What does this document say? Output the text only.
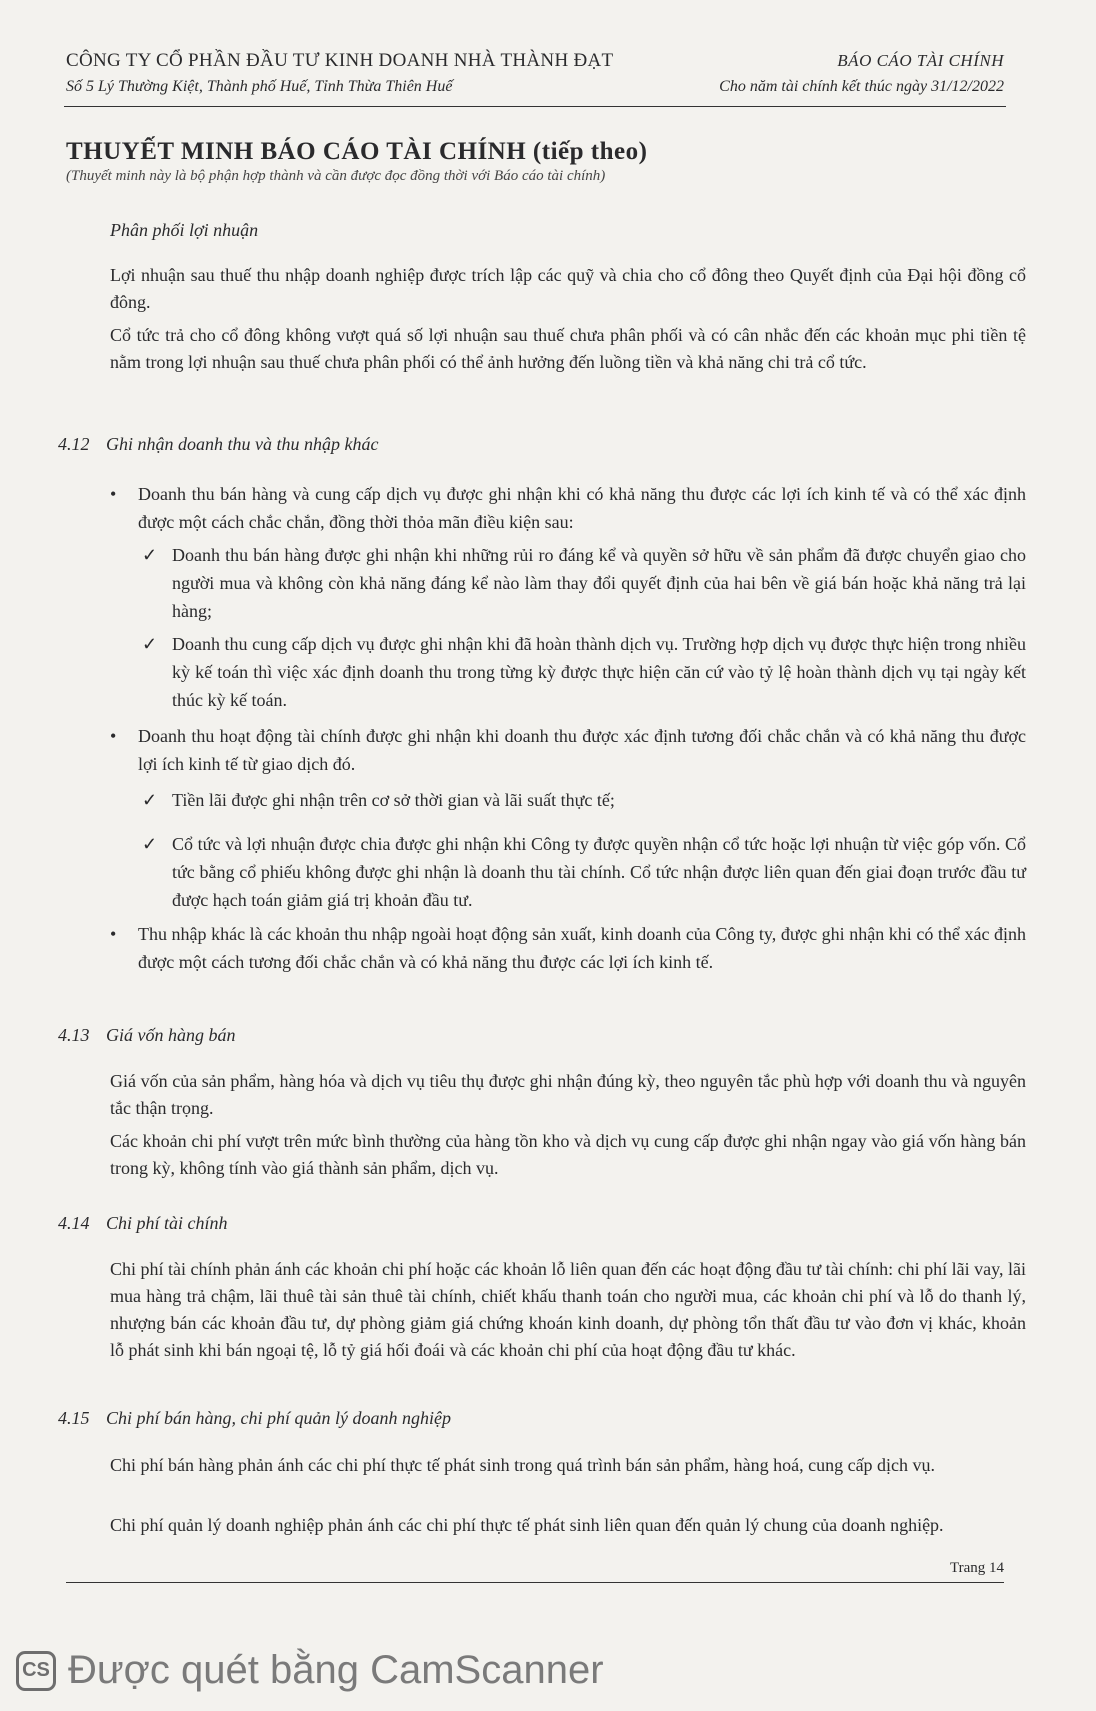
CÔNG TY CỔ PHẦN ĐẦU TƯ KINH DOANH NHÀ THÀNH ĐẠT	BÁO CÁO TÀI CHÍNH
Số 5 Lý Thường Kiệt, Thành phố Huế, Tỉnh Thừa Thiên Huế	Cho năm tài chính kết thúc ngày 31/12/2022
THUYẾT MINH BÁO CÁO TÀI CHÍNH (tiếp theo)
(Thuyết minh này là bộ phận hợp thành và cần được đọc đồng thời với Báo cáo tài chính)
Phân phối lợi nhuận
Lợi nhuận sau thuế thu nhập doanh nghiệp được trích lập các quỹ và chia cho cổ đông theo Quyết định của Đại hội đồng cổ đông.
Cổ tức trả cho cổ đông không vượt quá số lợi nhuận sau thuế chưa phân phối và có cân nhắc đến các khoản mục phi tiền tệ nằm trong lợi nhuận sau thuế chưa phân phối có thể ảnh hưởng đến luồng tiền và khả năng chi trả cổ tức.
4.12 Ghi nhận doanh thu và thu nhập khác
• Doanh thu bán hàng và cung cấp dịch vụ được ghi nhận khi có khả năng thu được các lợi ích kinh tế và có thể xác định được một cách chắc chắn, đồng thời thỏa mãn điều kiện sau:
✓ Doanh thu bán hàng được ghi nhận khi những rủi ro đáng kể và quyền sở hữu về sản phẩm đã được chuyển giao cho người mua và không còn khả năng đáng kể nào làm thay đổi quyết định của hai bên về giá bán hoặc khả năng trả lại hàng;
✓ Doanh thu cung cấp dịch vụ được ghi nhận khi đã hoàn thành dịch vụ. Trường hợp dịch vụ được thực hiện trong nhiều kỳ kế toán thì việc xác định doanh thu trong từng kỳ được thực hiện căn cứ vào tỷ lệ hoàn thành dịch vụ tại ngày kết thúc kỳ kế toán.
• Doanh thu hoạt động tài chính được ghi nhận khi doanh thu được xác định tương đối chắc chắn và có khả năng thu được lợi ích kinh tế từ giao dịch đó.
✓ Tiền lãi được ghi nhận trên cơ sở thời gian và lãi suất thực tế;
✓ Cổ tức và lợi nhuận được chia được ghi nhận khi Công ty được quyền nhận cổ tức hoặc lợi nhuận từ việc góp vốn. Cổ tức bằng cổ phiếu không được ghi nhận là doanh thu tài chính. Cổ tức nhận được liên quan đến giai đoạn trước đầu tư được hạch toán giảm giá trị khoản đầu tư.
• Thu nhập khác là các khoản thu nhập ngoài hoạt động sản xuất, kinh doanh của Công ty, được ghi nhận khi có thể xác định được một cách tương đối chắc chắn và có khả năng thu được các lợi ích kinh tế.
4.13 Giá vốn hàng bán
Giá vốn của sản phẩm, hàng hóa và dịch vụ tiêu thụ được ghi nhận đúng kỳ, theo nguyên tắc phù hợp với doanh thu và nguyên tắc thận trọng.
Các khoản chi phí vượt trên mức bình thường của hàng tồn kho và dịch vụ cung cấp được ghi nhận ngay vào giá vốn hàng bán trong kỳ, không tính vào giá thành sản phẩm, dịch vụ.
4.14 Chi phí tài chính
Chi phí tài chính phản ánh các khoản chi phí hoặc các khoản lỗ liên quan đến các hoạt động đầu tư tài chính: chi phí lãi vay, lãi mua hàng trả chậm, lãi thuê tài sản thuê tài chính, chiết khấu thanh toán cho người mua, các khoản chi phí và lỗ do thanh lý, nhượng bán các khoản đầu tư, dự phòng giảm giá chứng khoán kinh doanh, dự phòng tổn thất đầu tư vào đơn vị khác, khoản lỗ phát sinh khi bán ngoại tệ, lỗ tỷ giá hối đoái và các khoản chi phí của hoạt động đầu tư khác.
4.15 Chi phí bán hàng, chi phí quản lý doanh nghiệp
Chi phí bán hàng phản ánh các chi phí thực tế phát sinh trong quá trình bán sản phẩm, hàng hoá, cung cấp dịch vụ.
Chi phí quản lý doanh nghiệp phản ánh các chi phí thực tế phát sinh liên quan đến quản lý chung của doanh nghiệp.
Trang 14
CS Được quét bằng CamScanner
